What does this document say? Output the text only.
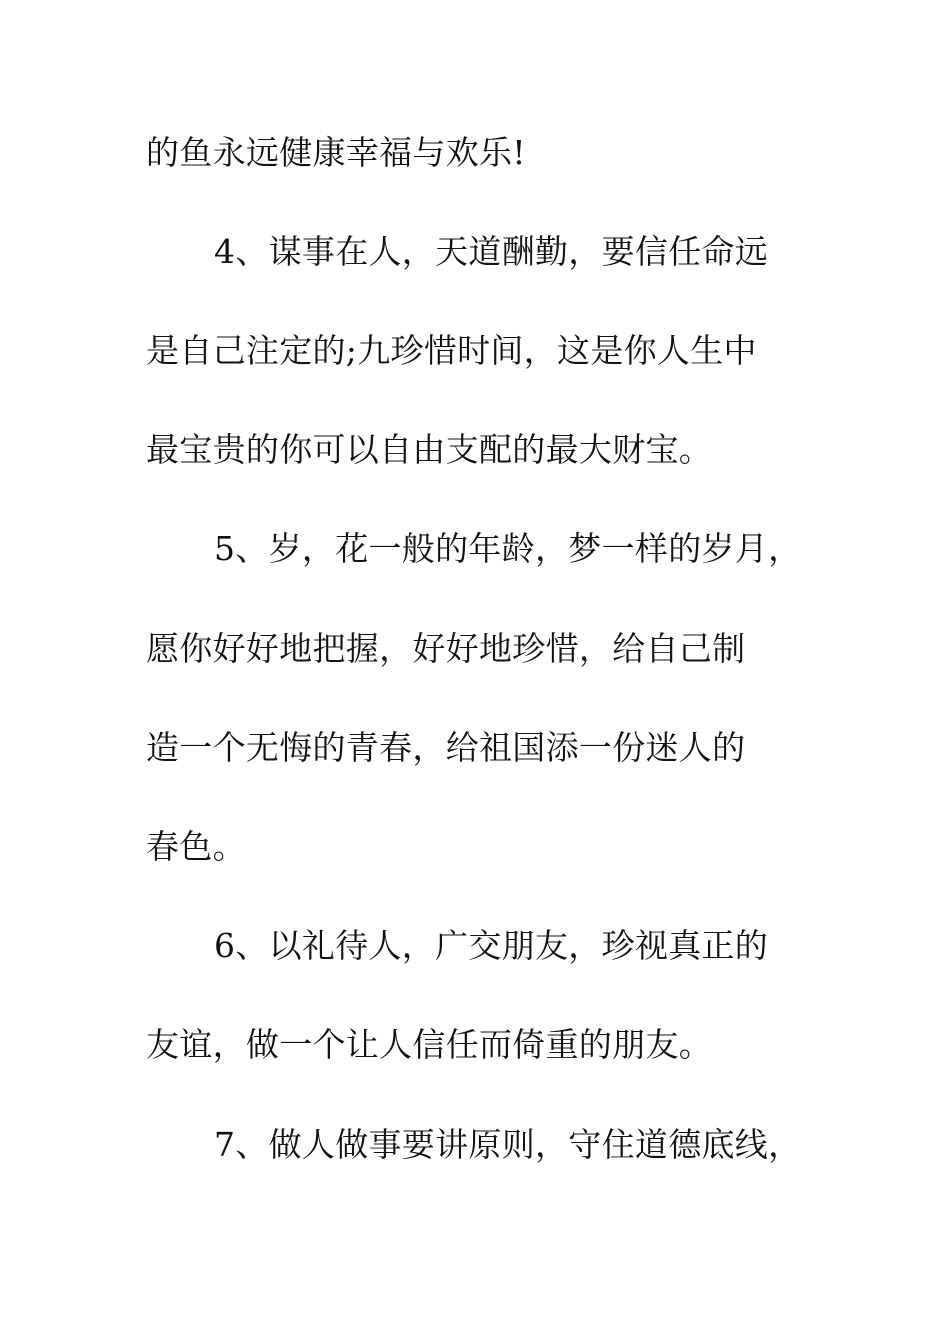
的鱼永远健康幸福与欢乐!
4、谋事在人，天道酬勤，要信任命远
是自己注定的;九珍惜时间，这是你人生中
最宝贵的你可以自由支配的最大财宝。
5、岁，花一般的年龄，梦一样的岁月，
愿你好好地把握，好好地珍惜，给自己制
造一个无悔的青春，给祖国添一份迷人的
春色。
6、以礼待人，广交朋友，珍视真正的
友谊，做一个让人信任而倚重的朋友。
7、做人做事要讲原则，守住道德底线，
